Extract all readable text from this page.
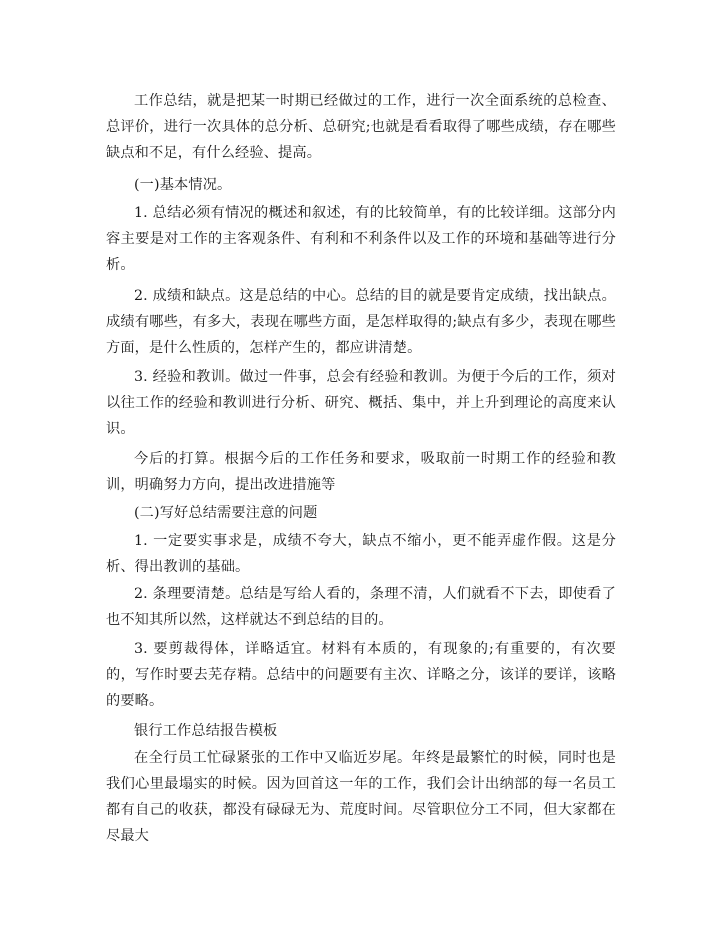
工作总结，就是把某一时期已经做过的工作，进行一次全面系统的总检查、总评价，进行一次具体的总分析、总研究;也就是看看取得了哪些成绩，存在哪些缺点和不足，有什么经验、提高。
(一)基本情况。
1. 总结必须有情况的概述和叙述，有的比较简单，有的比较详细。这部分内容主要是对工作的主客观条件、有利和不利条件以及工作的环境和基础等进行分析。
2. 成绩和缺点。这是总结的中心。总结的目的就是要肯定成绩，找出缺点。成绩有哪些，有多大，表现在哪些方面，是怎样取得的;缺点有多少，表现在哪些方面，是什么性质的，怎样产生的，都应讲清楚。
3. 经验和教训。做过一件事，总会有经验和教训。为便于今后的工作，须对以往工作的经验和教训进行分析、研究、概括、集中，并上升到理论的高度来认识。
今后的打算。根据今后的工作任务和要求，吸取前一时期工作的经验和教训，明确努力方向，提出改进措施等
(二)写好总结需要注意的问题
1. 一定要实事求是，成绩不夸大，缺点不缩小，更不能弄虚作假。这是分析、得出教训的基础。
2. 条理要清楚。总结是写给人看的，条理不清，人们就看不下去，即使看了也不知其所以然，这样就达不到总结的目的。
3. 要剪裁得体，详略适宜。材料有本质的，有现象的;有重要的，有次要的，写作时要去芜存精。总结中的问题要有主次、详略之分，该详的要详，该略的要略。
银行工作总结报告模板
在全行员工忙碌紧张的工作中又临近岁尾。年终是最繁忙的时候，同时也是我们心里最塌实的时候。因为回首这一年的工作，我们会计出纳部的每一名员工都有自己的收获，都没有碌碌无为、荒度时间。尽管职位分工不同，但大家都在尽最大
